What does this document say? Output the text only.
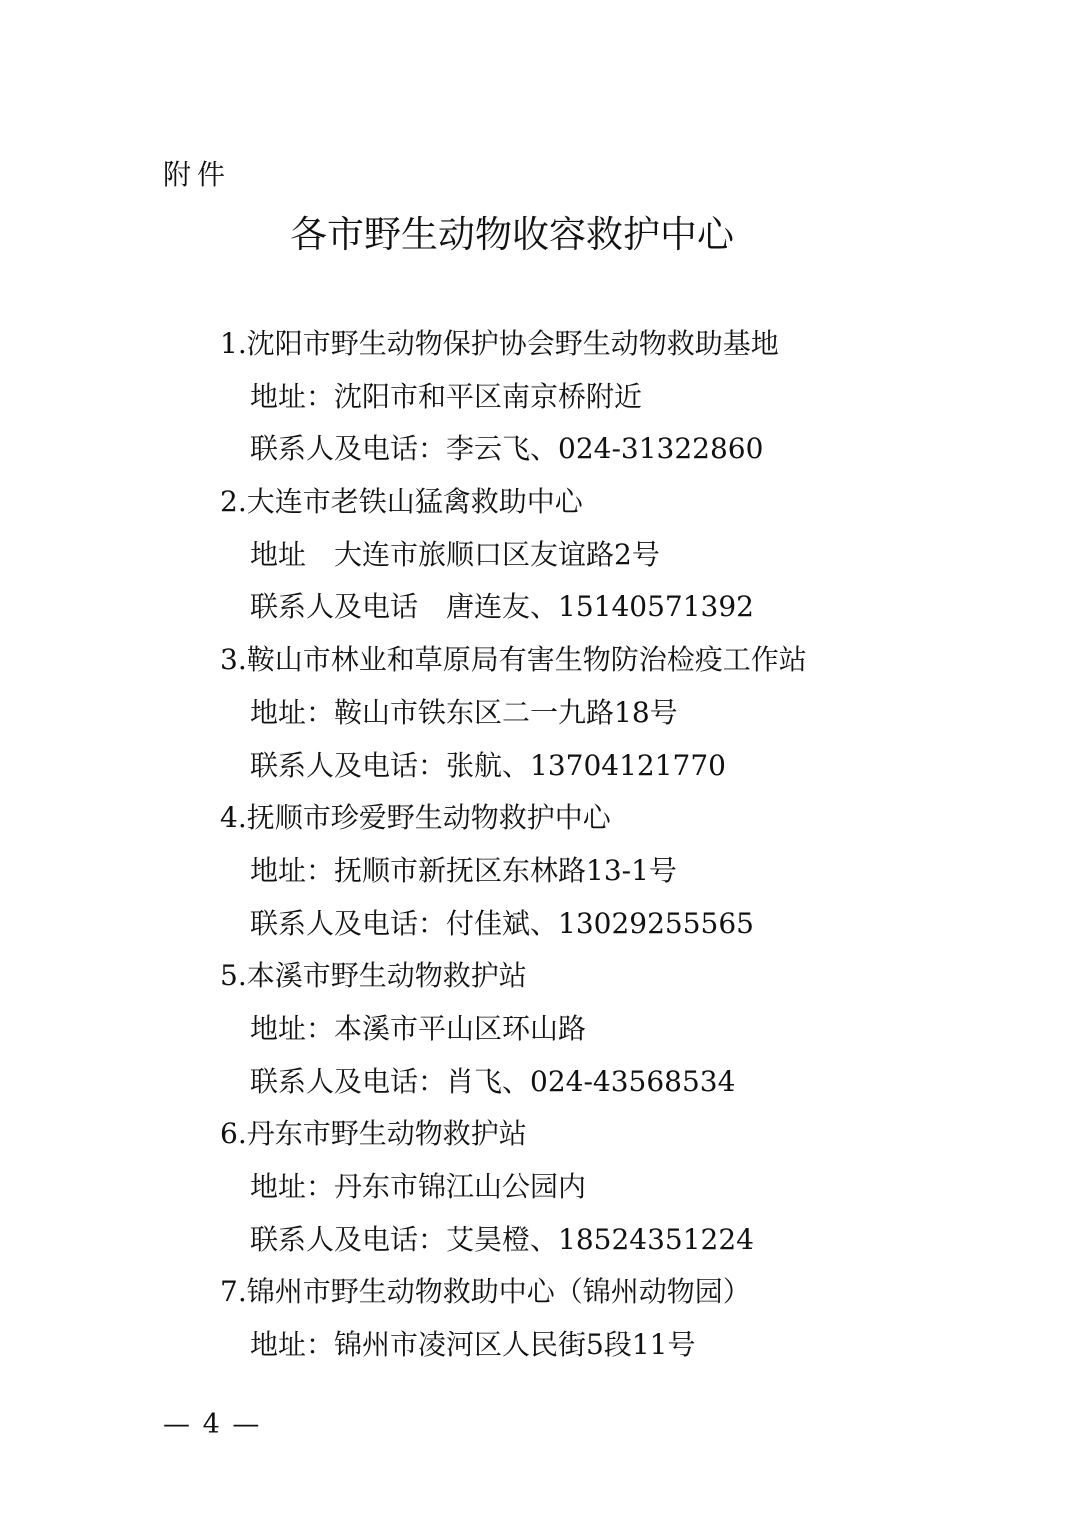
附件
各市野生动物收容救护中心
1.沈阳市野生动物保护协会野生动物救助基地
地址：沈阳市和平区南京桥附近
联系人及电话：李云飞、024-31322860
2.大连市老铁山猛禽救助中心
地址　大连市旅顺口区友谊路2号
联系人及电话　唐连友、15140571392
3.鞍山市林业和草原局有害生物防治检疫工作站
地址：鞍山市铁东区二一九路18号
联系人及电话：张航、13704121770
4.抚顺市珍爱野生动物救护中心
地址：抚顺市新抚区东林路13-1号
联系人及电话：付佳斌、13029255565
5.本溪市野生动物救护站
地址：本溪市平山区环山路
联系人及电话：肖飞、024-43568534
6.丹东市野生动物救护站
地址：丹东市锦江山公园内
联系人及电话：艾昊橙、18524351224
7.锦州市野生动物救助中心（锦州动物园）
地址：锦州市凌河区人民街5段11号
— 4 —
